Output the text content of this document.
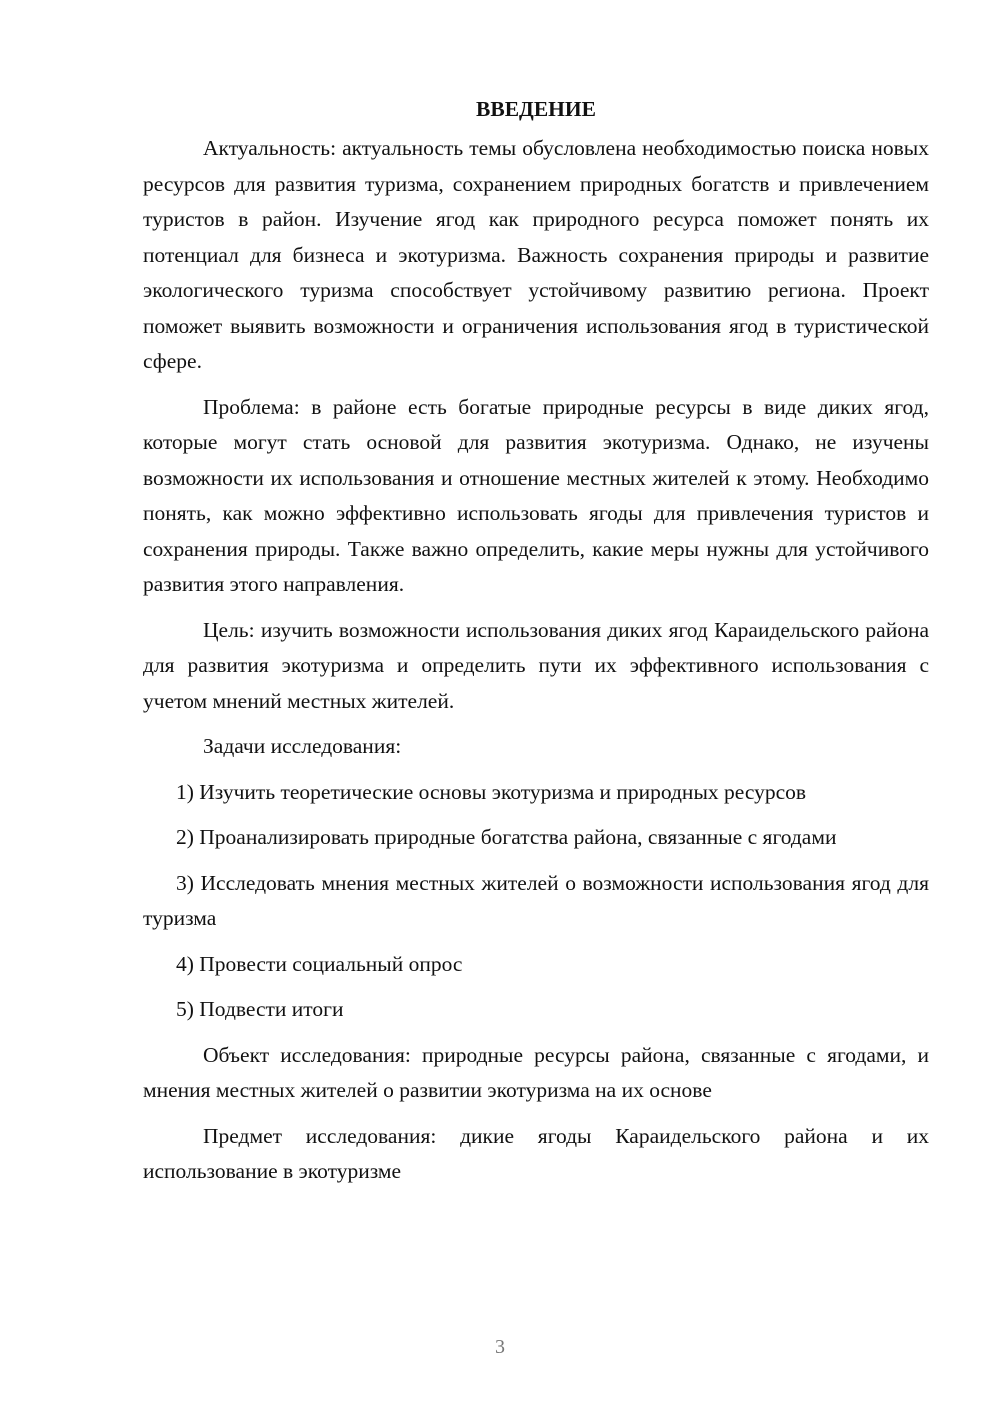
ВВЕДЕНИЕ

Актуальность: актуальность темы обусловлена необходимостью поиска новых ресурсов для развития туризма, сохранением природных богатств и привлечением туристов в район. Изучение ягод как природного ресурса поможет понять их потенциал для бизнеса и экотуризма. Важность сохранения природы и развитие экологического туризма способствует устойчивому развитию региона. Проект поможет выявить возможности и ограничения использования ягод в туристической сфере.

Проблема: в районе есть богатые природные ресурсы в виде диких ягод, которые могут стать основой для развития экотуризма. Однако, не изучены возможности их использования и отношение местных жителей к этому. Необходимо понять, как можно эффективно использовать ягоды для привлечения туристов и сохранения природы. Также важно определить, какие меры нужны для устойчивого развития этого направления.

Цель: изучить возможности использования диких ягод Караидельского района для развития экотуризма и определить пути их эффективного использования с учетом мнений местных жителей.

Задачи исследования:

1) Изучить теоретические основы экотуризма и природных ресурсов

2) Проанализировать природные богатства района, связанные с ягодами

3) Исследовать мнения местных жителей о возможности использования ягод для туризма

4) Провести социальный опрос

5) Подвести итоги

Объект исследования: природные ресурсы района, связанные с ягодами, и мнения местных жителей о развитии экотуризма на их основе

Предмет исследования: дикие ягоды Караидельского района и их использование в экотуризме

3
